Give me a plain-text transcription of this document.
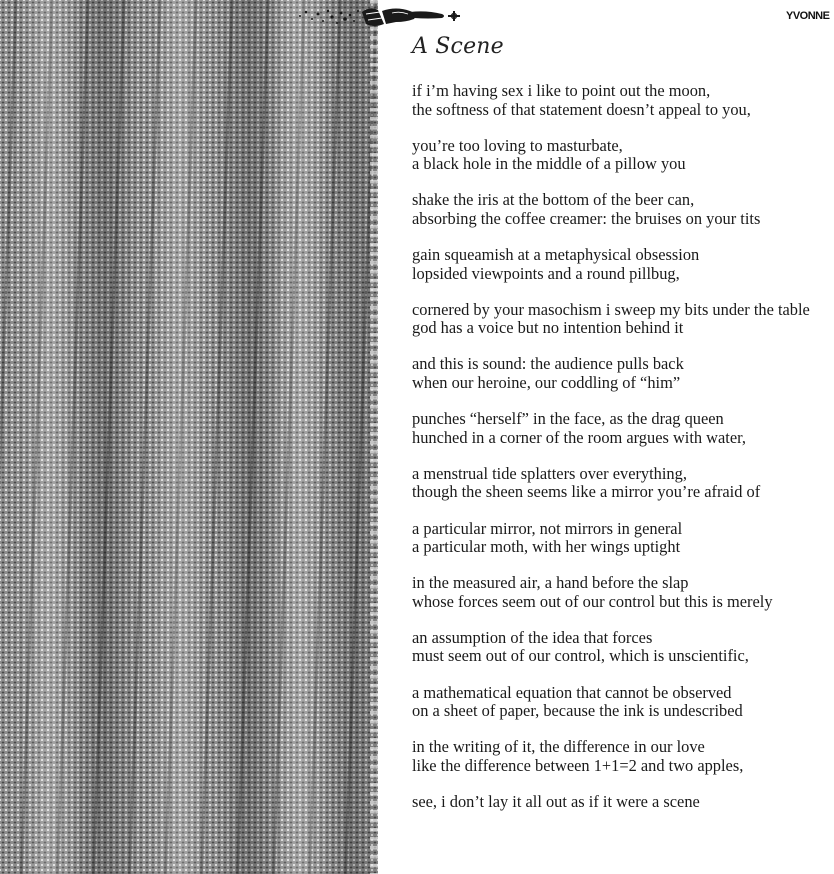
YVONNE
A Scene
if i’m having sex i like to point out the moon,
the softness of that statement doesn’t appeal to you,
you’re too loving to masturbate,
a black hole in the middle of a pillow you
shake the iris at the bottom of the beer can,
absorbing the coffee creamer: the bruises on your tits
gain squeamish at a metaphysical obsession
lopsided viewpoints and a round pillbug,
cornered by your masochism i sweep my bits under the table
god has a voice but no intention behind it
and this is sound: the audience pulls back
when our heroine, our coddling of “him”
punches “herself” in the face, as the drag queen
hunched in a corner of the room argues with water,
a menstrual tide splatters over everything,
though the sheen seems like a mirror you’re afraid of
a particular mirror, not mirrors in general
a particular moth, with her wings uptight
in the measured air, a hand before the slap
whose forces seem out of our control but this is merely
an assumption of the idea that forces
must seem out of our control, which is unscientific,
a mathematical equation that cannot be observed
on a sheet of paper, because the ink is undescribed
in the writing of it, the difference in our love
like the difference between 1+1=2 and two apples,
see, i don’t lay it all out as if it were a scene
